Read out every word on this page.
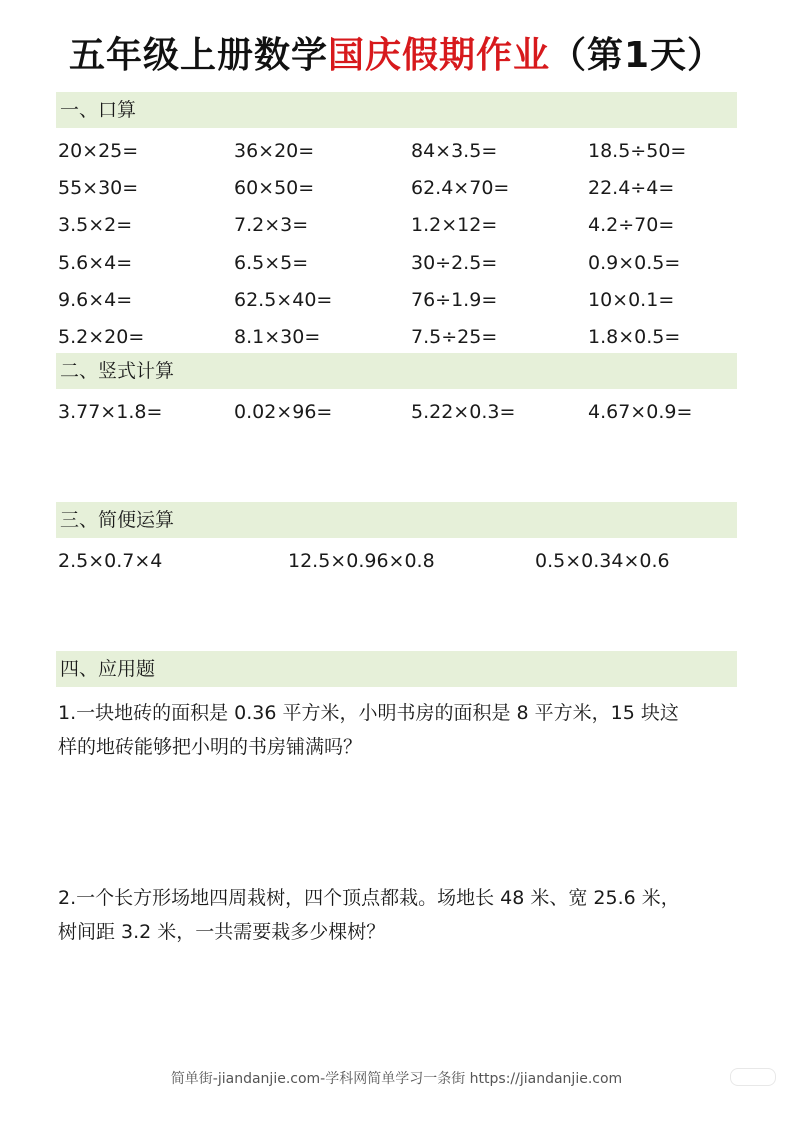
五年级上册数学国庆假期作业（第1天）
一、口算
20×25=	36×20=	84×3.5=	18.5÷50=
55×30=	60×50=	62.4×70=	22.4÷4=
3.5×2=	7.2×3=	1.2×12=	4.2÷70=
5.6×4=	6.5×5=	30÷2.5=	0.9×0.5=
9.6×4=	62.5×40=	76÷1.9=	10×0.1=
5.2×20=	8.1×30=	7.5÷25=	1.8×0.5=
二、竖式计算
3.77×1.8=	0.02×96=	5.22×0.3=	4.67×0.9=
三、简便运算
2.5×0.7×4	12.5×0.96×0.8	0.5×0.34×0.6
四、应用题
1.一块地砖的面积是 0.36 平方米，小明书房的面积是 8 平方米，15 块这
样的地砖能够把小明的书房铺满吗？
2.一个长方形场地四周栽树，四个顶点都栽。场地长 48 米、宽 25.6 米，
树间距 3.2 米，一共需要栽多少棵树？
简单街-jiandanjie.com-学科网简单学习一条街 https://jiandanjie.com
